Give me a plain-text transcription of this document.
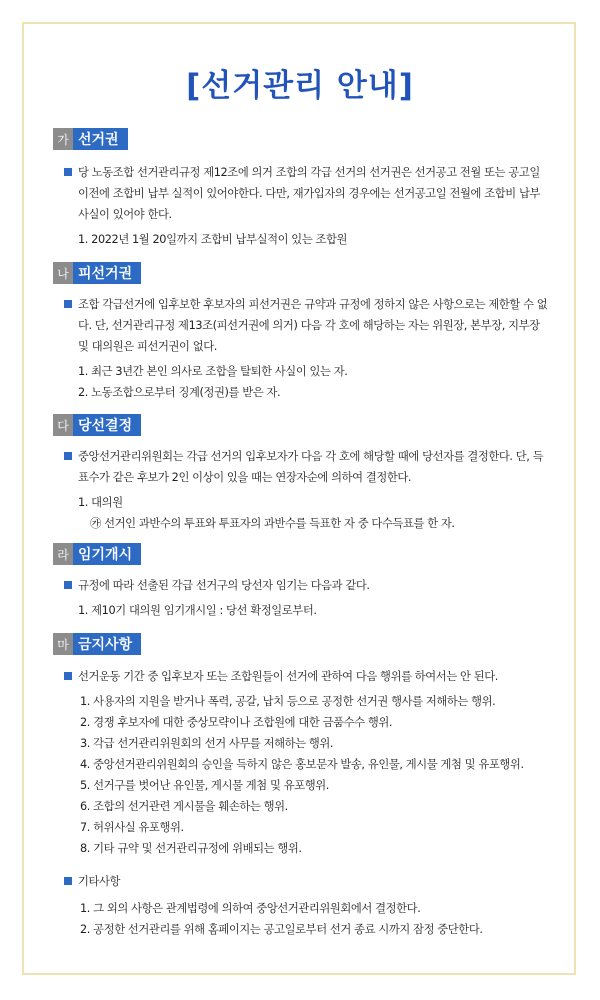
[선거관리 안내]
가 선거권
당 노동조합 선거관리규정 제12조에 의거 조합의 각급 선거의 선거권은 선거공고 전월 또는 공고일 이전에 조합비 납부 실적이 있어야한다. 다만, 재가입자의 경우에는 선거공고일 전월에 조합비 납부 사실이 있어야 한다.
1. 2022년 1월 20일까지 조합비 납부실적이 있는 조합원
나 피선거권
조합 각급선거에 입후보한 후보자의 피선거권은 규약과 규정에 정하지 않은 사항으로는 제한할 수 없다. 단, 선거관리규정 제13조(피선거권에 의거) 다음 각 호에 해당하는 자는 위원장, 본부장, 지부장 및 대의원은 피선거권이 없다.
1. 최근 3년간 본인 의사로 조합을 탈퇴한 사실이 있는 자.
2. 노동조합으로부터 징계(정권)를 받은 자.
다 당선결정
중앙선거관리위원회는 각급 선거의 입후보자가 다음 각 호에 해당할 때에 당선자를 결정한다. 단, 득표수가 같은 후보가 2인 이상이 있을 때는 연장자순에 의하여 결정한다.
1. 대의원
㉮ 선거인 과반수의 투표와 투표자의 과반수를 득표한 자 중 다수득표를 한 자.
라 임기개시
규정에 따라 선출된 각급 선거구의 당선자 임기는 다음과 같다.
1. 제10기 대의원 임기개시일 : 당선 확정일로부터.
마 금지사항
선거운동 기간 중 입후보자 또는 조합원들이 선거에 관하여 다음 행위를 하여서는 안 된다.
1. 사용자의 지원을 받거나 폭력, 공갈, 납치 등으로 공정한 선거권 행사를 저해하는 행위.
2. 경쟁 후보자에 대한 중상모략이나 조합원에 대한 금품수수 행위.
3. 각급 선거관리위원회의 선거 사무를 저해하는 행위.
4. 중앙선거관리위원회의 승인을 득하지 않은 홍보문자 발송, 유인물, 게시물 게첨 및 유포행위.
5. 선거구를 벗어난 유인물, 게시물 게첨 및 유포행위.
6. 조합의 선거관련 게시물을 훼손하는 행위.
7. 허위사실 유포행위.
8. 기타 규약 및 선거관리규정에 위배되는 행위.
기타사항
1. 그 외의 사항은 관계법령에 의하여 중앙선거관리위원회에서 결정한다.
2. 공정한 선거관리를 위해 홈페이지는 공고일로부터 선거 종료 시까지 잠정 중단한다.
